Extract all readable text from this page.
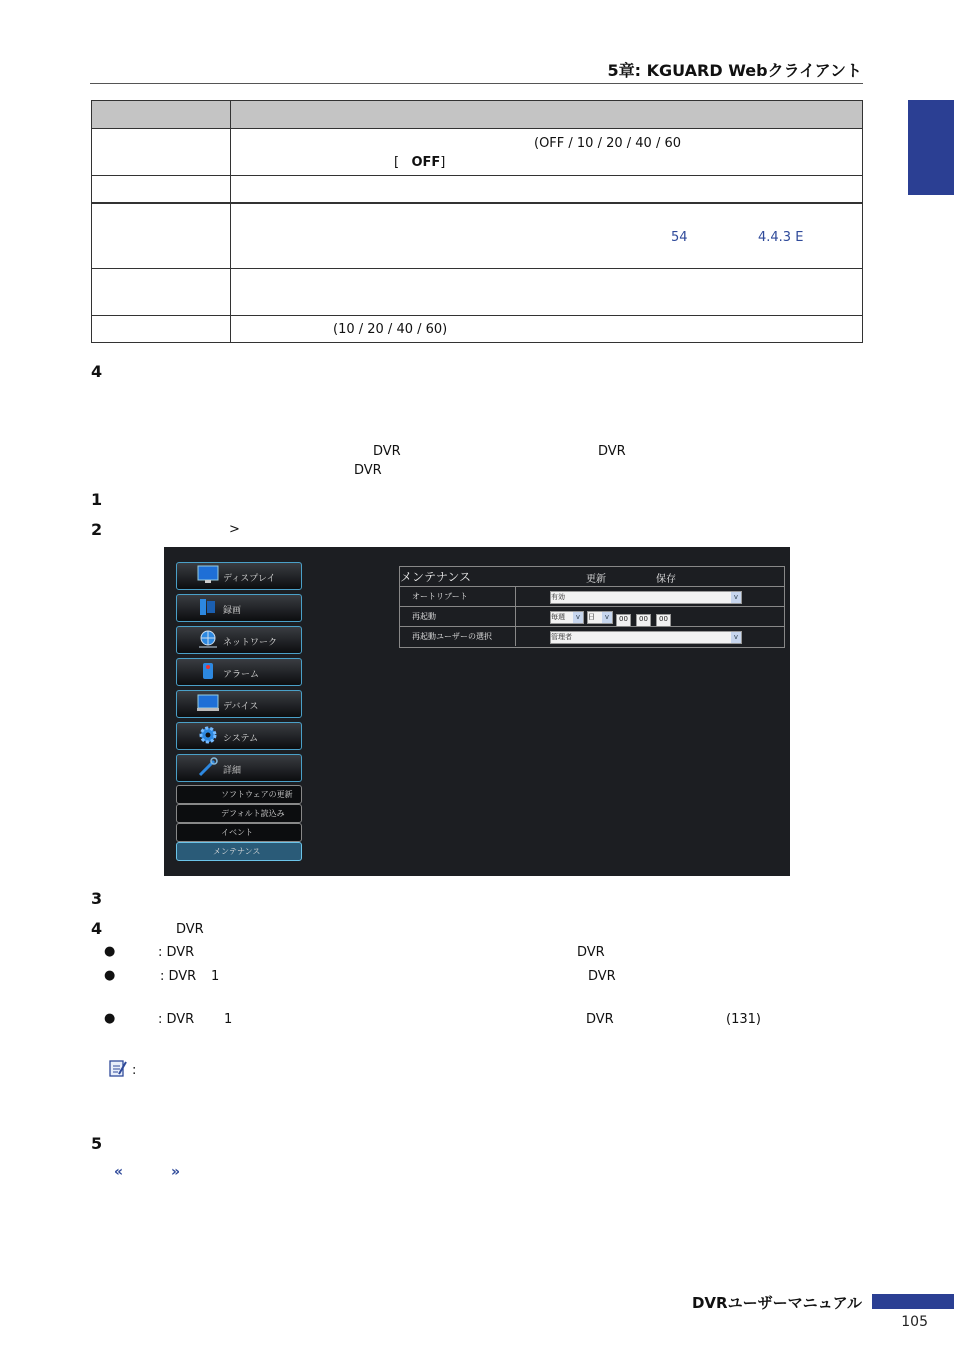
5章: KGUARD Webクライアント

	(OFF / 10 / 20 / 40 / 60
[ OFF]

	54 4.4.3 E

	(10 / 20 / 40 / 60)
4
DVR	DVR
DVR
1
2	>
ディスプレイ
録画
ネットワーク
アラーム
デバイス
システム
詳細
ソフトウェアの更新
デフォルト読込み
イベント
メンテナンス
メンテナンス	更新	保存
オートリブート	有効	v
再起動	毎週	v	日	v	00	00	00
再起動ユーザーの選択	管理者	v
3
4	DVR
●	: DVR	DVR
●	: DVR 1	DVR
●	: DVR 1	DVR	(131)
:
5
«	»
DVRユーザーマニュアル
105
